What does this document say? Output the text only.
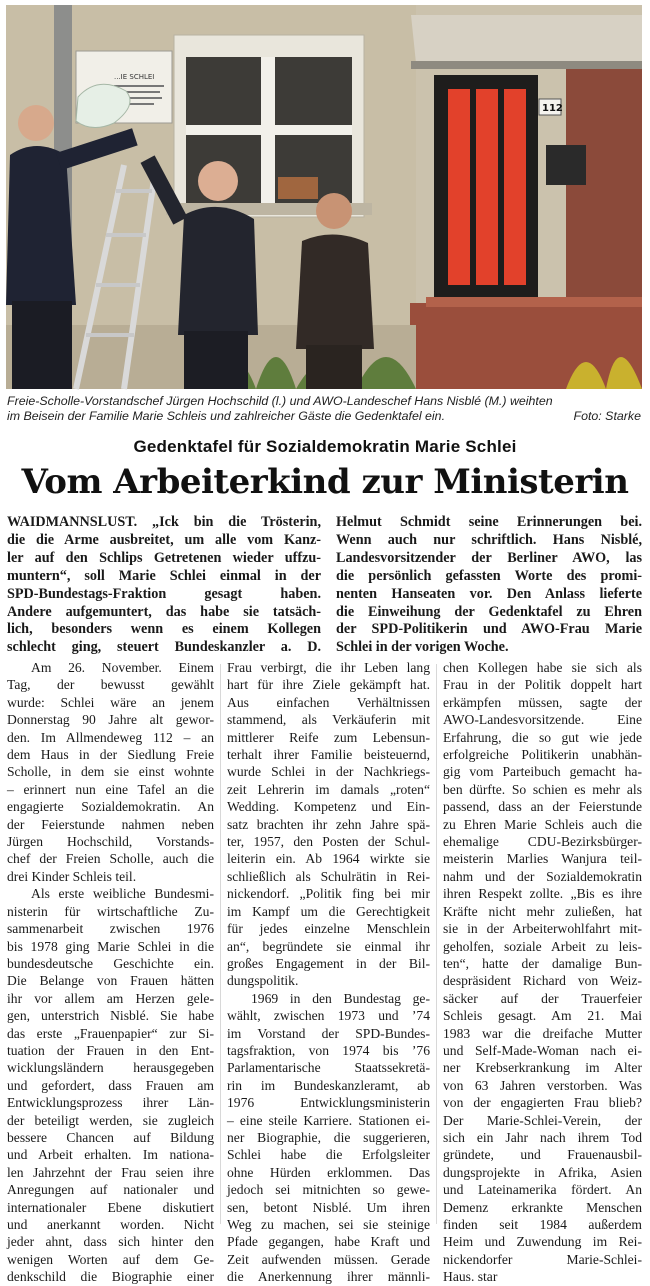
...IE SCHLEI
112
Freie-Scholle-Vorstandschef Jürgen Hochschild (l.) und AWO-Landeschef Hans Nisblé (M.) weihten
im Beisein der Familie Marie Schleis und zahlreicher Gäste die Gedenktafel ein.	Foto: Starke
Gedenktafel für Sozialdemokratin Marie Schlei
Vom Arbeiterkind zur Ministerin
WAIDMANNSLUST. „Ick bin die Trösterin,
die die Arme ausbreitet, um alle vom Kanz-
ler auf den Schlips Getretenen wieder uffzu-
muntern“, soll Marie Schlei einmal in der
SPD-Bundestags-Fraktion gesagt haben.
Andere aufgemuntert, das habe sie tatsäch-
lich, besonders wenn es einem Kollegen
schlecht ging, steuert Bundeskanzler a. D.
Helmut Schmidt seine Erinnerungen bei.
Wenn auch nur schriftlich. Hans Nisblé,
Landesvorsitzender der Berliner AWO, las
die persönlich gefassten Worte des promi-
nenten Hanseaten vor. Den Anlass lieferte
die Einweihung der Gedenktafel zu Ehren
der SPD-Politikerin und AWO-Frau Marie
Schlei in der vorigen Woche.
Am 26. November. Einem
Tag, der bewusst gewählt
wurde: Schlei wäre an jenem
Donnerstag 90 Jahre alt gewor-
den. Im Allmendeweg 112 – an
dem Haus in der Siedlung Freie
Scholle, in dem sie einst wohnte
– erinnert nun eine Tafel an die
engagierte Sozialdemokratin. An
der Feierstunde nahmen neben
Jürgen Hochschild, Vorstands-
chef der Freien Scholle, auch die
drei Kinder Schleis teil.
Als erste weibliche Bundesmi-
nisterin für wirtschaftliche Zu-
sammenarbeit zwischen 1976
bis 1978 ging Marie Schlei in die
bundesdeutsche Geschichte ein.
Die Belange von Frauen hätten
ihr vor allem am Herzen gele-
gen, unterstrich Nisblé. Sie habe
das erste „Frauenpapier“ zur Si-
tuation der Frauen in den Ent-
wicklungsländern herausgegeben
und gefordert, dass Frauen am
Entwicklungsprozess ihrer Län-
der beteiligt werden, sie zugleich
bessere Chancen auf Bildung
und Arbeit erhalten. Im nationa-
len Jahrzehnt der Frau seien ihre
Anregungen auf nationaler und
internationaler Ebene diskutiert
und anerkannt worden. Nicht
jeder ahnt, dass sich hinter den
wenigen Worten auf dem Ge-
denkschild die Biographie einer
Frau verbirgt, die ihr Leben lang
hart für ihre Ziele gekämpft hat.
Aus einfachen Verhältnissen
stammend, als Verkäuferin mit
mittlerer Reife zum Lebensun-
terhalt ihrer Familie beisteuernd,
wurde Schlei in der Nachkriegs-
zeit Lehrerin im damals „roten“
Wedding. Kompetenz und Ein-
satz brachten ihr zehn Jahre spä-
ter, 1957, den Posten der Schul-
leiterin ein. Ab 1964 wirkte sie
schließlich als Schulrätin in Rei-
nickendorf. „Politik fing bei mir
im Kampf um die Gerechtigkeit
für jedes einzelne Menschlein
an“, begründete sie einmal ihr
großes Engagement in der Bil-
dungspolitik.
1969 in den Bundestag ge-
wählt, zwischen 1973 und ’74
im Vorstand der SPD-Bundes-
tagsfraktion, von 1974 bis ’76
Parlamentarische Staatssekretä-
rin im Bundeskanzleramt, ab
1976 Entwicklungsministerin
– eine steile Karriere. Stationen ei-
ner Biographie, die suggerieren,
Schlei habe die Erfolgsleiter
ohne Hürden erklommen. Das
jedoch sei mitnichten so gewe-
sen, betont Nisblé. Um ihren
Weg zu machen, sei sie steinige
Pfade gegangen, habe Kraft und
Zeit aufwenden müssen. Gerade
die Anerkennung ihrer männli-
chen Kollegen habe sie sich als
Frau in der Politik doppelt hart
erkämpfen müssen, sagte der
AWO-Landesvorsitzende. Eine
Erfahrung, die so gut wie jede
erfolgreiche Politikerin unabhän-
gig vom Parteibuch gemacht ha-
ben dürfte. So schien es mehr als
passend, dass an der Feierstunde
zu Ehren Marie Schleis auch die
ehemalige CDU-Bezirksbürger-
meisterin Marlies Wanjura teil-
nahm und der Sozialdemokratin
ihren Respekt zollte. „Bis es ihre
Kräfte nicht mehr zuließen, hat
sie in der Arbeiterwohlfahrt mit-
geholfen, soziale Arbeit zu leis-
ten“, hatte der damalige Bun-
despräsident Richard von Weiz-
säcker auf der Trauerfeier
Schleis gesagt. Am 21. Mai
1983 war die dreifache Mutter
und Self-Made-Woman nach ei-
ner Krebserkrankung im Alter
von 63 Jahren verstorben. Was
von der engagierten Frau blieb?
Der Marie-Schlei-Verein, der
sich ein Jahr nach ihrem Tod
gründete, und Frauenausbil-
dungsprojekte in Afrika, Asien
und Lateinamerika fördert. An
Demenz erkrankte Menschen
finden seit 1984 außerdem
Heim und Zuwendung im Rei-
nickendorfer Marie-Schlei-
Haus. star
